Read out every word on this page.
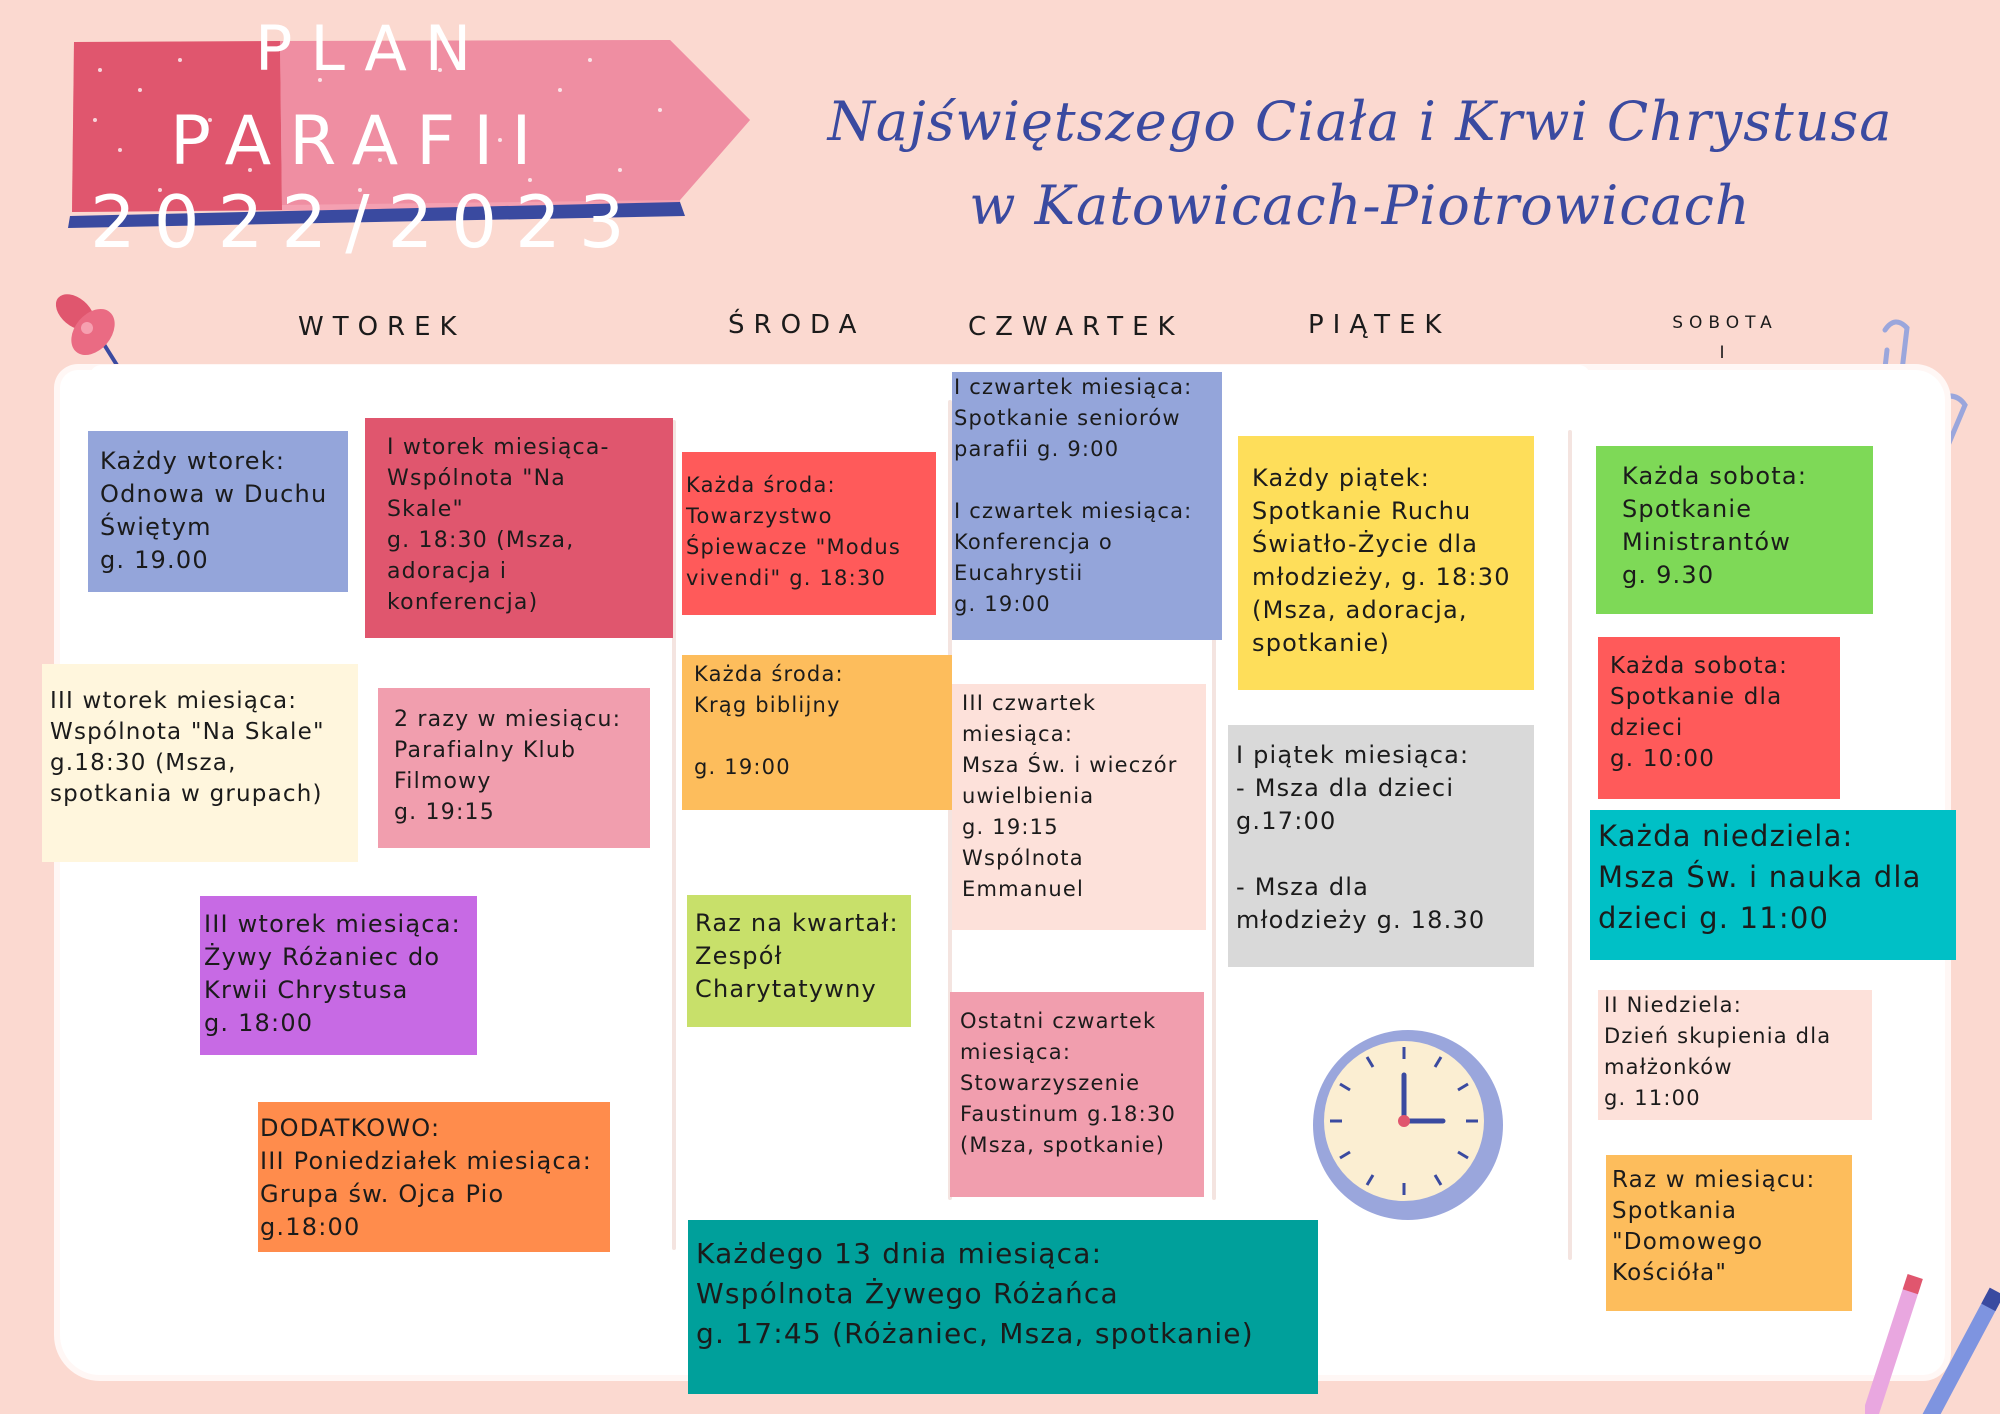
PLAN
PARAFII
2022/2023
Najświętszego Ciała i Krwi Chrystusa
w Katowicach-Piotrowicach
WTOREK	ŚRODA	CZWARTEK	PIĄTEK	SOBOTA
I

Każdy wtorek:
Odnowa w Duchu
Świętym
g. 19.00
I wtorek miesiąca-
Wspólnota "Na
Skale"
g. 18:30 (Msza,
adoracja i
konferencja)
III wtorek miesiąca:
Wspólnota "Na Skale"
g.18:30 (Msza,
spotkania w grupach)
2 razy w miesiącu:
Parafialny Klub
Filmowy
g. 19:15
III wtorek miesiąca:
Żywy Różaniec do
Krwii Chrystusa
g. 18:00
DODATKOWO:
III Poniedziałek miesiąca:
Grupa św. Ojca Pio
g.18:00
Każda środa:
Towarzystwo
Śpiewacze "Modus
vivendi" g. 18:30
Każda środa:
Krąg biblijny

g. 19:00
Raz na kwartał:
Zespół
Charytatywny
I czwartek miesiąca:
Spotkanie seniorów
parafii g. 9:00

I czwartek miesiąca:
Konferencja o
Eucahrystii
g. 19:00
III czwartek
miesiąca:
Msza Św. i wieczór
uwielbienia
g. 19:15
Wspólnota
Emmanuel
Ostatni czwartek
miesiąca:
Stowarzyszenie
Faustinum g.18:30
(Msza, spotkanie)
Każdego 13 dnia miesiąca:
Wspólnota Żywego Różańca
g. 17:45 (Różaniec, Msza, spotkanie)
Każdy piątek:
Spotkanie Ruchu
Światło-Życie dla
młodzieży, g. 18:30
(Msza, adoracja,
spotkanie)
I piątek miesiąca:
- Msza dla dzieci
g.17:00

- Msza dla
młodzieży g. 18.30
Każda sobota:
Spotkanie
Ministrantów
g. 9.30
Każda sobota:
Spotkanie dla
dzieci
g. 10:00
Każda niedziela:
Msza Św. i nauka dla
dzieci g. 11:00
II Niedziela:
Dzień skupienia dla
małżonków
g. 11:00
Raz w miesiącu:
Spotkania
"Domowego
Kościóła"
